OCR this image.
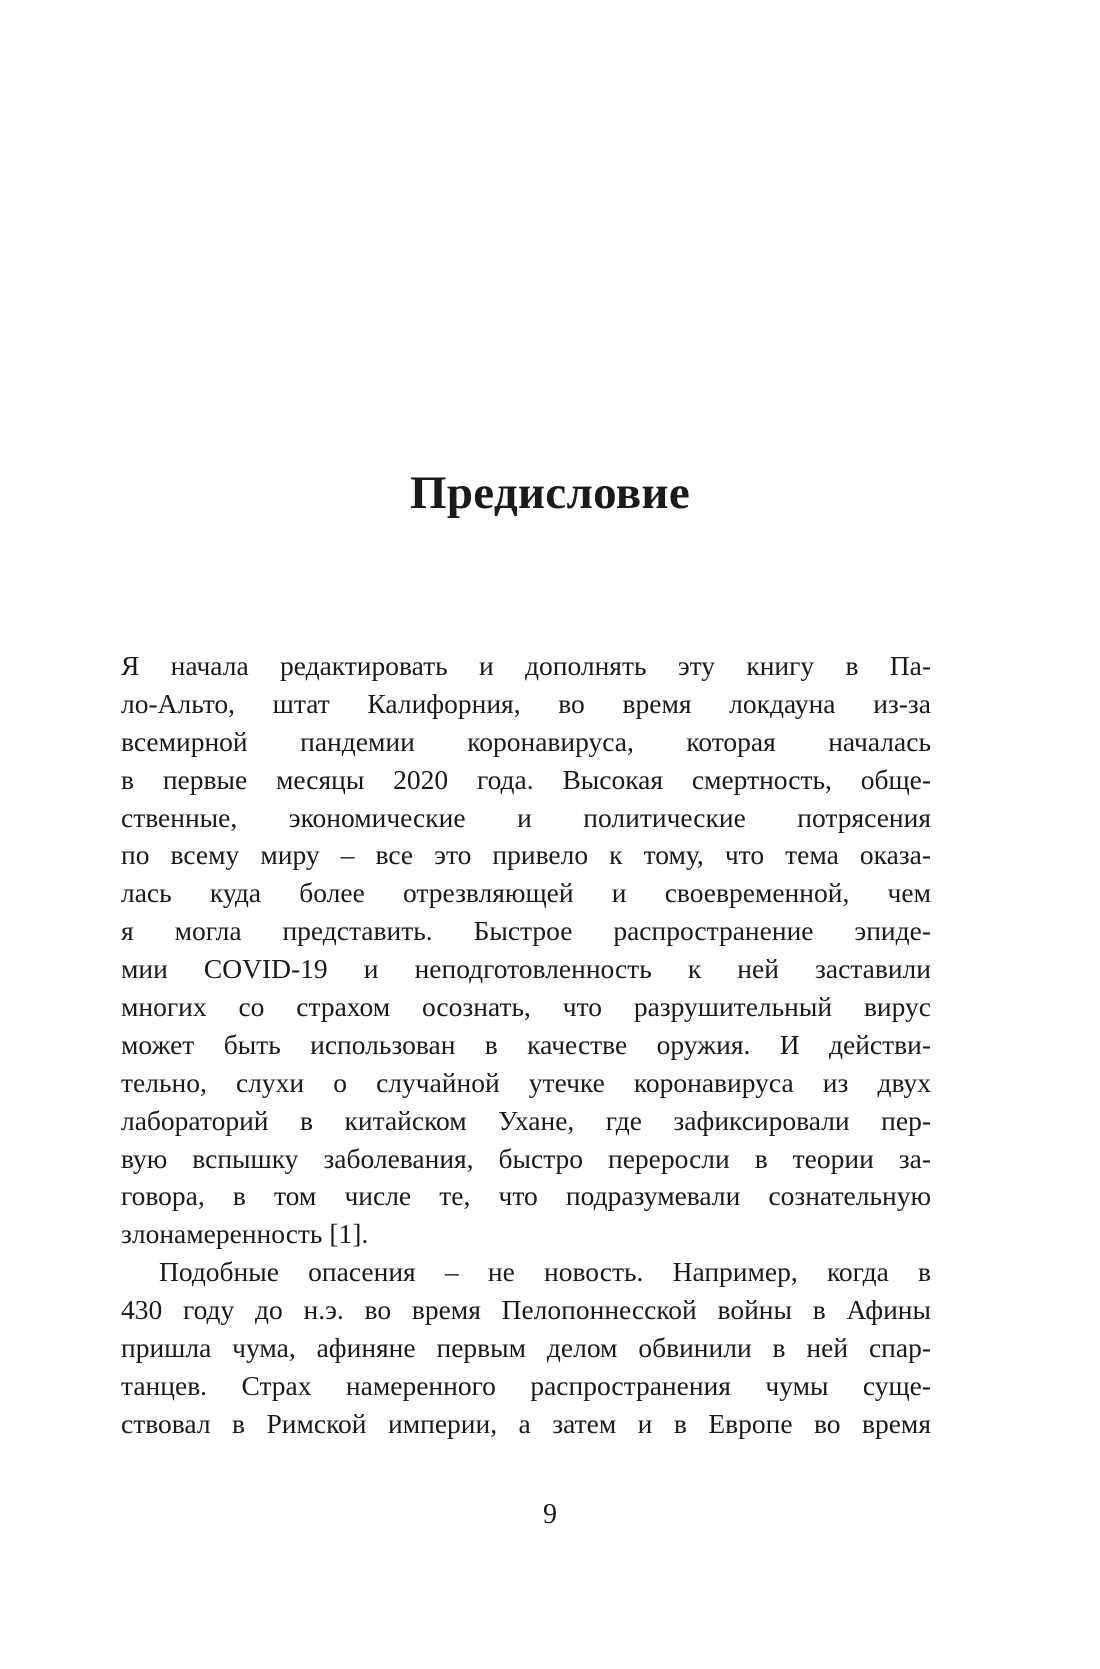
Предисловие
Я начала редактировать и дополнять эту книгу в Па-
ло-Альто, штат Калифорния, во время локдауна из-за
всемирной пандемии коронавируса, которая началась
в первые месяцы 2020 года. Высокая смертность, обще-
ственные, экономические и политические потрясения
по всему миру – все это привело к тому, что тема оказа-
лась куда более отрезвляющей и своевременной, чем
я могла представить. Быстрое распространение эпиде-
мии COVID-19 и неподготовленность к ней заставили
многих со страхом осознать, что разрушительный вирус
может быть использован в качестве оружия. И действи-
тельно, слухи о случайной утечке коронавируса из двух
лабораторий в китайском Ухане, где зафиксировали пер-
вую вспышку заболевания, быстро переросли в теории за-
говора, в том числе те, что подразумевали сознательную
злонамеренность [1].
Подобные опасения – не новость. Например, когда в
430 году до н.э. во время Пелопоннесской войны в Афины
пришла чума, афиняне первым делом обвинили в ней спар-
танцев. Страх намеренного распространения чумы суще-
ствовал в Римской империи, а затем и в Европе во время
9
